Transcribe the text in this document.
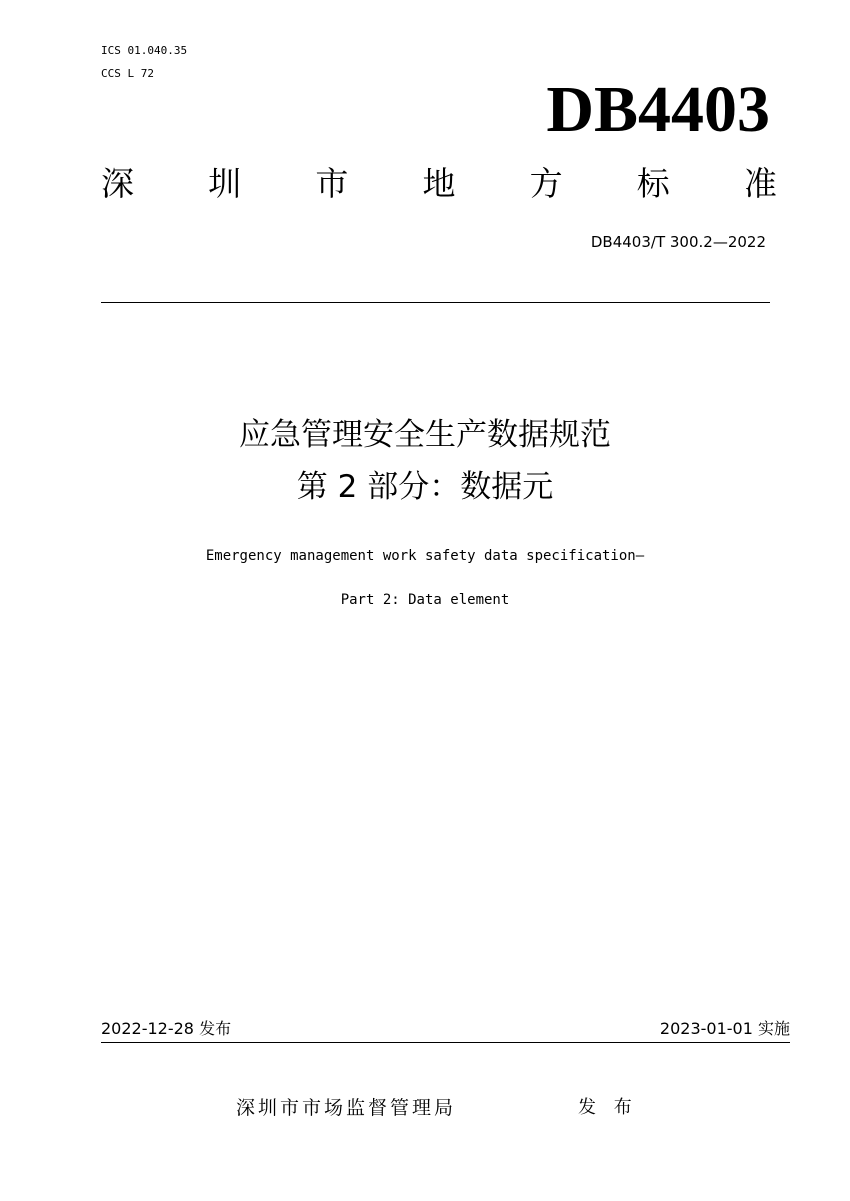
ICS 01.040.35
CCS L 72	DB4403
深 圳 市 地 方 标 准
DB4403/T 300.2—2022
应急管理安全生产数据规范
第 2 部分：数据元
Emergency management work safety data specification—
Part 2: Data element
2022-12-28 发布	2023-01-01 实施
深圳市市场监督管理局	发 布
